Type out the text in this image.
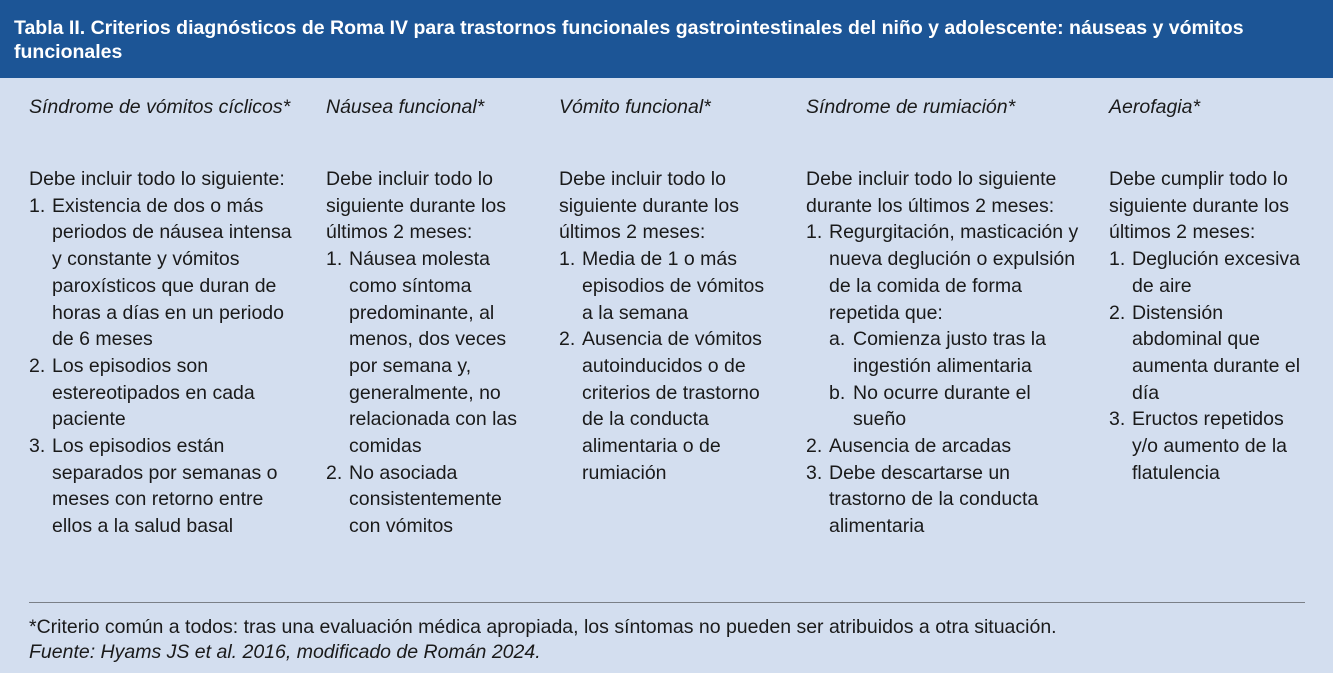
Tabla II. Criterios diagnósticos de Roma IV para trastornos funcionales gastrointestinales del niño y adolescente: náuseas y vómitos funcionales
Síndrome de vómitos cíclicos*
Debe incluir todo lo siguiente:
1. Existencia de dos o más periodos de náusea intensa y constante y vómitos paroxísticos que duran de horas a días en un periodo de 6 meses
2. Los episodios son estereotipados en cada paciente
3. Los episodios están separados por semanas o meses con retorno entre ellos a la salud basal
Náusea funcional*
Debe incluir todo lo siguiente durante los últimos 2 meses:
1. Náusea molesta como síntoma predominante, al menos, dos veces por semana y, generalmente, no relacionada con las comidas
2. No asociada consistentemente con vómitos
Vómito funcional*
Debe incluir todo lo siguiente durante los últimos 2 meses:
1. Media de 1 o más episodios de vómitos a la semana
2. Ausencia de vómitos autoinducidos o de criterios de trastorno de la conducta alimentaria o de rumiación
Síndrome de rumiación*
Debe incluir todo lo siguiente durante los últimos 2 meses:
1. Regurgitación, masticación y nueva deglución o expulsión de la comida de forma repetida que:
a. Comienza justo tras la ingestión alimentaria
b. No ocurre durante el sueño
2. Ausencia de arcadas
3. Debe descartarse un trastorno de la conducta alimentaria
Aerofagia*
Debe cumplir todo lo siguiente durante los últimos 2 meses:
1. Deglución excesiva de aire
2. Distensión abdominal que aumenta durante el día
3. Eructos repetidos y/o aumento de la flatulencia
*Criterio común a todos: tras una evaluación médica apropiada, los síntomas no pueden ser atribuidos a otra situación.
Fuente: Hyams JS et al. 2016, modificado de Román 2024.
